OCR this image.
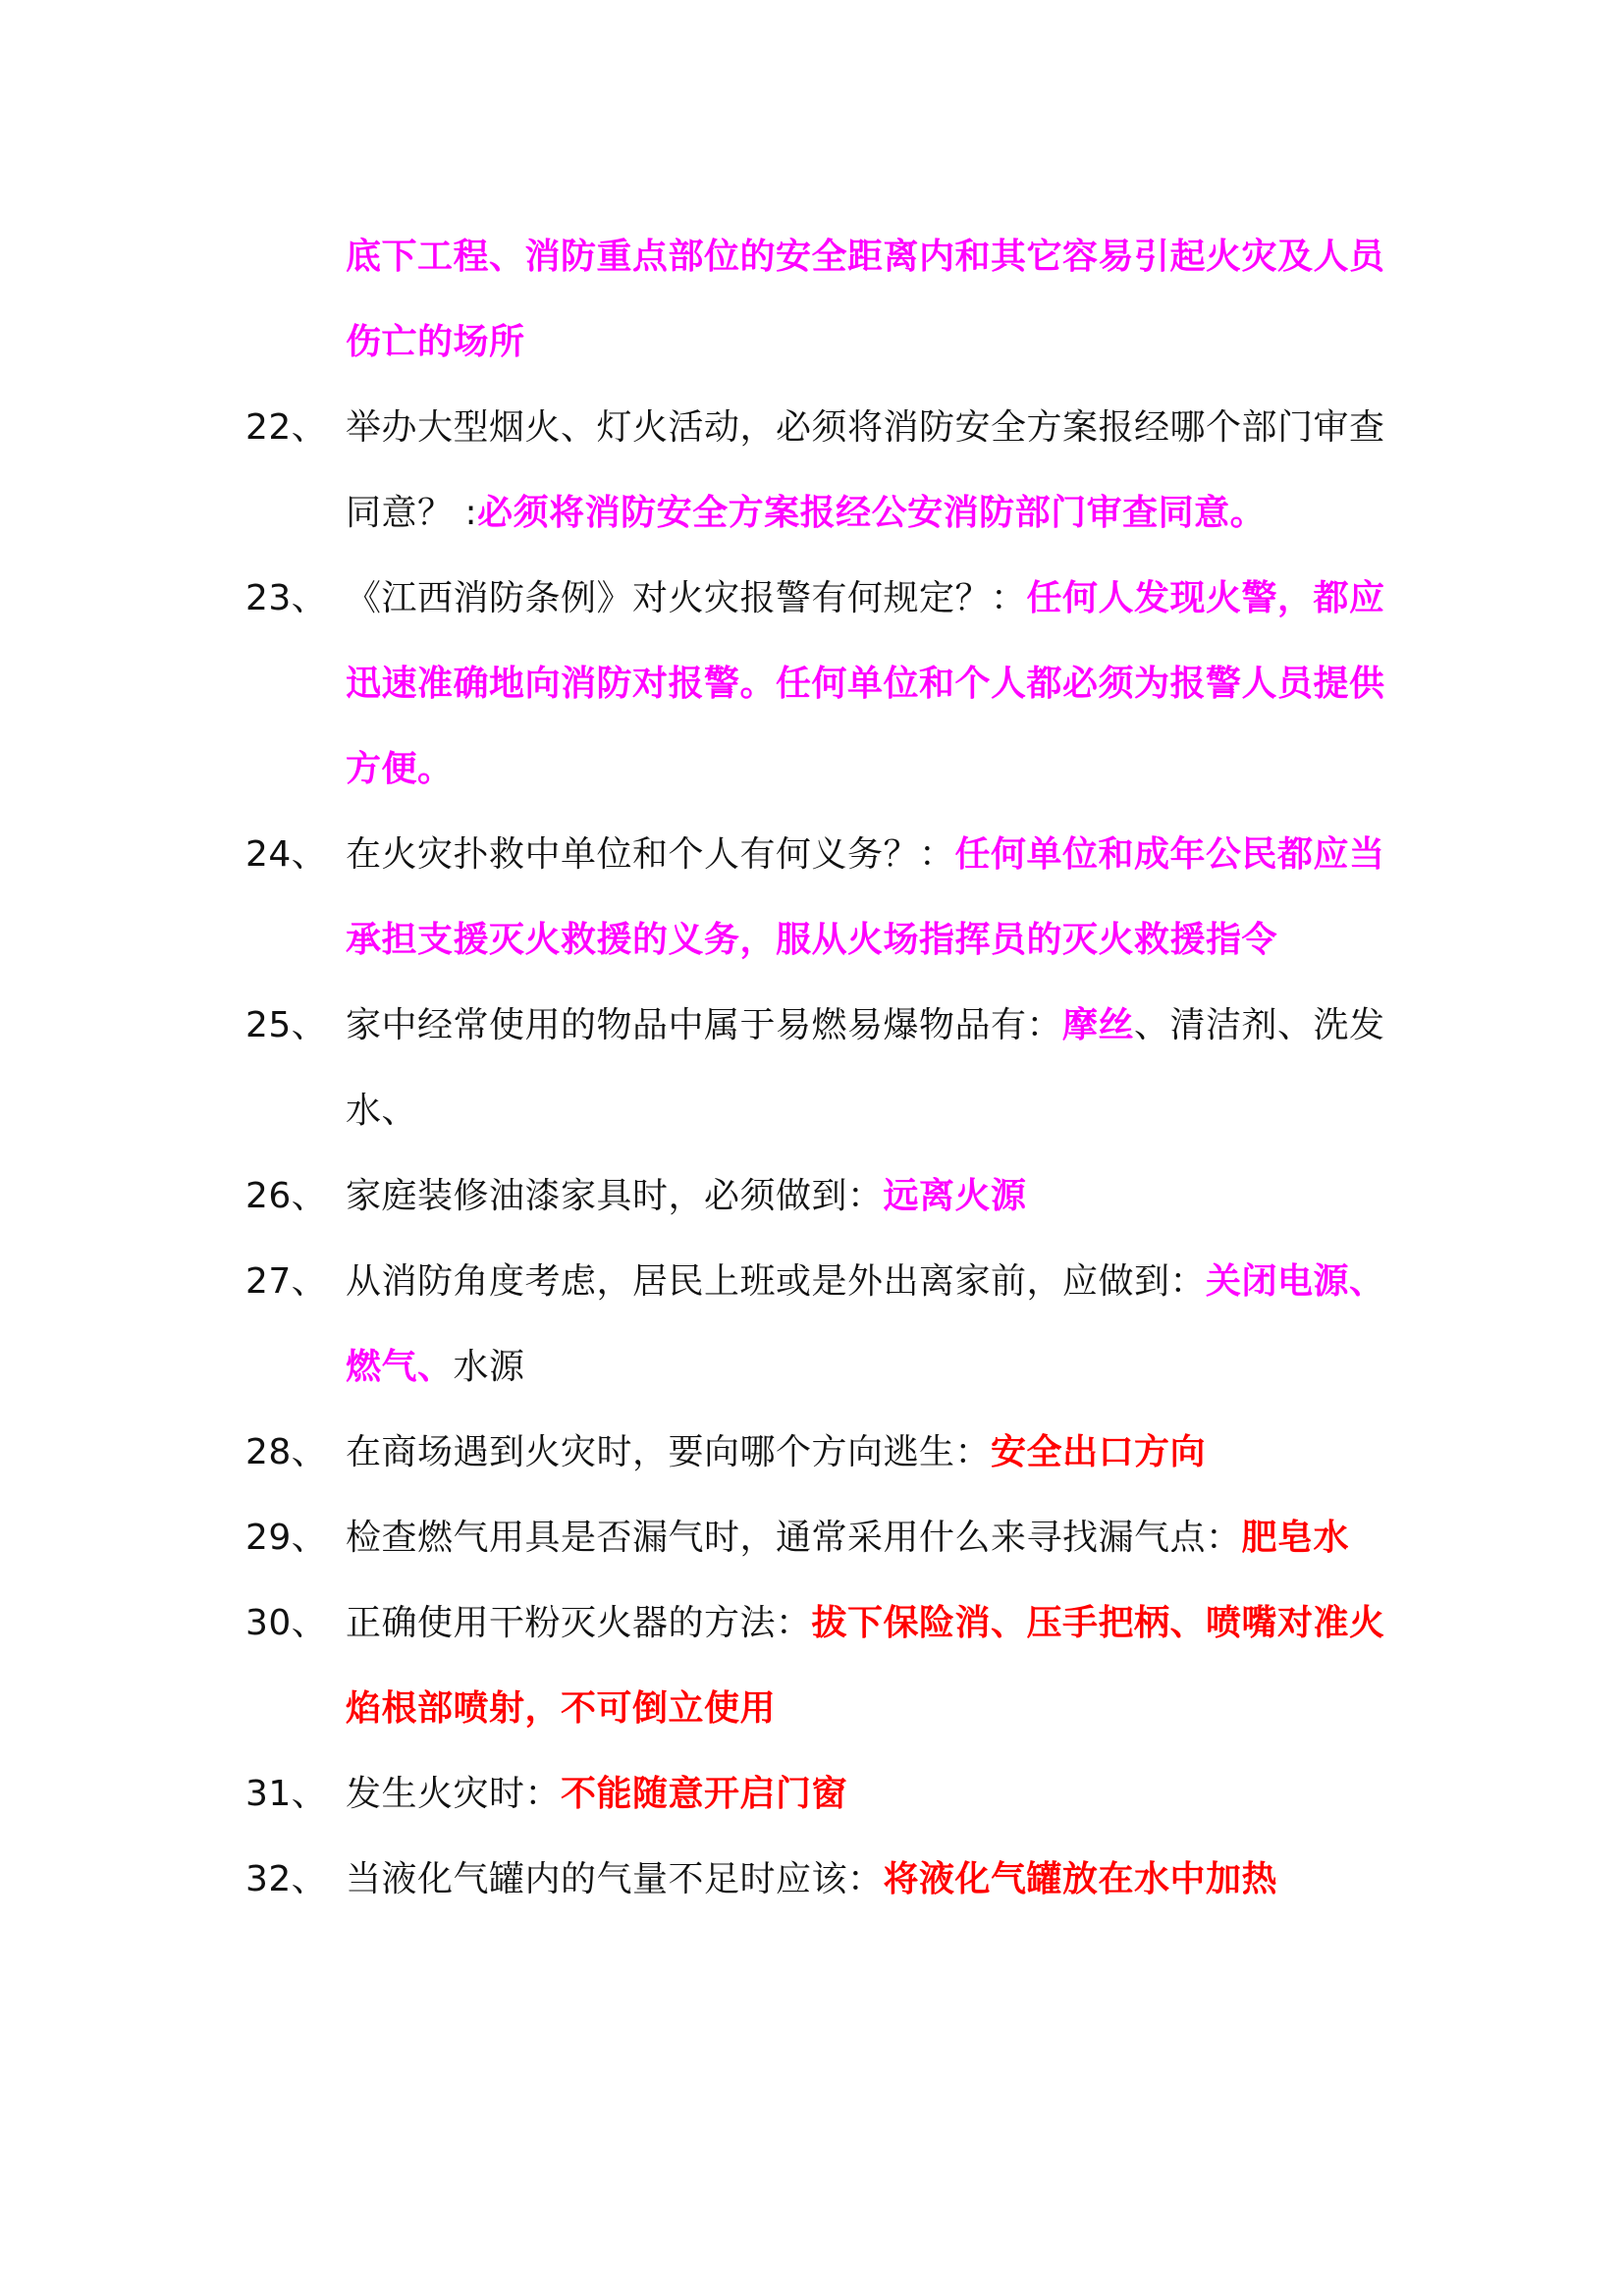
底下工程、消防重点部位的安全距离内和其它容易引起火灾及人员伤亡的场所
22、 举办大型烟火、灯火活动，必须将消防安全方案报经哪个部门审查同意？ :必须将消防安全方案报经公安消防部门审查同意。
23、 《江西消防条例》对火灾报警有何规定？：任何人发现火警，都应迅速准确地向消防对报警。任何单位和个人都必须为报警人员提供方便。
24、 在火灾扑救中单位和个人有何义务？：任何单位和成年公民都应当承担支援灭火救援的义务，服从火场指挥员的灭火救援指令
25、 家中经常使用的物品中属于易燃易爆物品有：摩丝、清洁剂、洗发水、
26、 家庭装修油漆家具时，必须做到：远离火源
27、 从消防角度考虑，居民上班或是外出离家前，应做到：关闭电源、燃气、水源
28、 在商场遇到火灾时，要向哪个方向逃生：安全出口方向
29、 检查燃气用具是否漏气时，通常采用什么来寻找漏气点：肥皂水
30、 正确使用干粉灭火器的方法：拔下保险消、压手把柄、喷嘴对准火焰根部喷射，不可倒立使用
31、 发生火灾时：不能随意开启门窗
32、 当液化气罐内的气量不足时应该：将液化气罐放在水中加热
